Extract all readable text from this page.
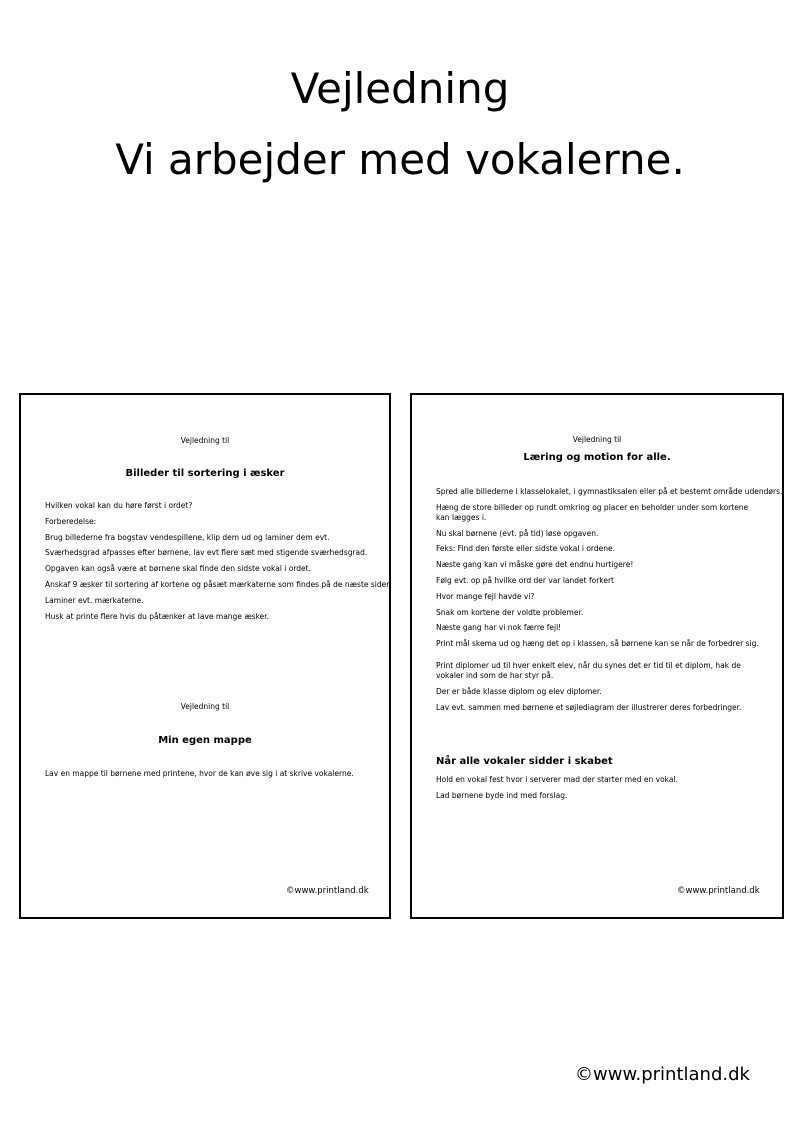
Vejledning
Vi arbejder med vokalerne.
Vejledning til
Billeder til sortering i æsker
Hvilken vokal kan du høre først i ordet?
Forberedelse:
Brug billederne fra bogstav vendespillene, klip dem ud og laminer dem evt.
Sværhedsgrad afpasses efter børnene, lav evt flere sæt med stigende sværhedsgrad.
Opgaven kan også være at børnene skal finde den sidste vokal i ordet.
Anskaf 9 æsker til sortering af kortene og påsæt mærkaterne som findes på de næste sider.
Laminer evt. mærkaterne.
Husk at printe flere hvis du påtænker at lave mange æsker.
Vejledning til
Min egen mappe
Lav en mappe til børnene med printene, hvor de kan øve sig i at skrive vokalerne.
©www.printland.dk
Vejledning til
Læring og motion for alle.
Spred alle billederne i klasselokalet, i gymnastiksalen eller på et bestemt område udendørs.
Hæng de store billeder op rundt omkring og placer en beholder under som kortene kan lægges i.
Nu skal børnene (evt. på tid) løse opgaven.
Feks: Find den første eller sidste vokal i ordene.
Næste gang kan vi måske gøre det endnu hurtigere!
Følg evt. op på hvilke ord der var landet forkert
Hvor mange fejl havde vi?
Snak om kortene der voldte problemer.
Næste gang har vi nok færre fejl!
Print mål skema ud og hæng det op i klassen, så børnene kan se når de forbedrer sig.
Print diplomer ud til hver enkelt elev, når du synes det er tid til et diplom, hak de vokaler ind som de har styr på.
Der er både klasse diplom og elev diplomer.
Lav evt. sammen med børnene et søjlediagram der illustrerer deres forbedringer.
Når alle vokaler sidder i skabet
Hold en vokal fest hvor i serverer mad der starter med en vokal.
Lad børnene byde ind med forslag.
©www.printland.dk
©www.printland.dk
